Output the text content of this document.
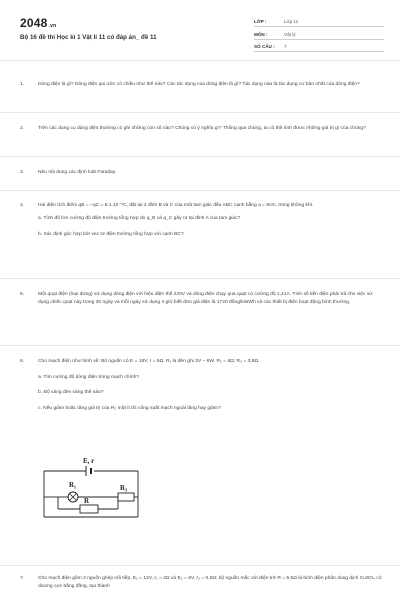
2048.vn
Bộ 16 đề thi Học kì 1 Vật lí 11 có đáp án_ đề 11
LỚP :	Lớp 11
MÔN :	Vật lý
SỐ CÂU :	7
1.	Dòng điện là gì? Dòng điện qui ước có chiều như thế nào? Các tác dụng của dòng điện là gì? Tác dụng nào là tác dụng cơ bản nhất của dòng điện?
2.	Trên các dụng cụ dùng điện thường có ghi những con số nào? Chúng có ý nghĩa gì? Thông qua chúng, ta có thể tính được những giá trị gì của chúng?
3.	Nêu nội dung các định luật Faraday.
4.	Hai điện tích điểm qB = −qC = 8,1.10⁻⁸C, đặt tại 2 đỉnh B và C của một tam giác đều ABC cạnh bằng a = 8cm, trong không khí.
a. Tính độ lớn cường độ điện trường tổng hợp do q_B và q_C gây ra tại đỉnh A của tam giác?
b. Xác định góc hợp bởi vec tơ điện trường tổng hợp với cạnh BC?
5.	Một quạt điện (loại đứng) sử dụng dòng điện với hiệu điện thế 220V và dòng điện chạy qua quạt có cường độ 1,41A. Tính số tiền điện phải trả cho việc sử dụng chiếc quạt này trong 30 ngày và mỗi ngày sử dụng 4 giờ biết đơn giá điện là 1720 đồng/kWWh và các thiết bị điện hoạt động bình thường.
6.	Cho mạch điện như hình vẽ: Bộ nguồn có E = 18V, r = 5Ω, R₁ là đèn ghi 3V − 6W. R₂ = 6Ω; R₃ = 3,8Ω.
a. Tìm cường độ dòng điện trong mạch chính?
b. Độ sáng đèn sáng thế nào?
c. Nếu giảm hoặc tăng giá trị của R₂ một ít thì công suất mạch ngoài tăng hay giảm?
E, r
R₁
R
R₃
7.	Cho mạch điện gồm 2 nguồn ghép nối tiếp, E₁ = 12V, r₁ = 2Ω và E₂ = 6V, r₂ = 0,5Ω; bộ nguồn mắc với điện trở R = 5,5Ω là bình điện phân dung dịch CuSO₄ có dương cực bằng đồng, tạo thành
